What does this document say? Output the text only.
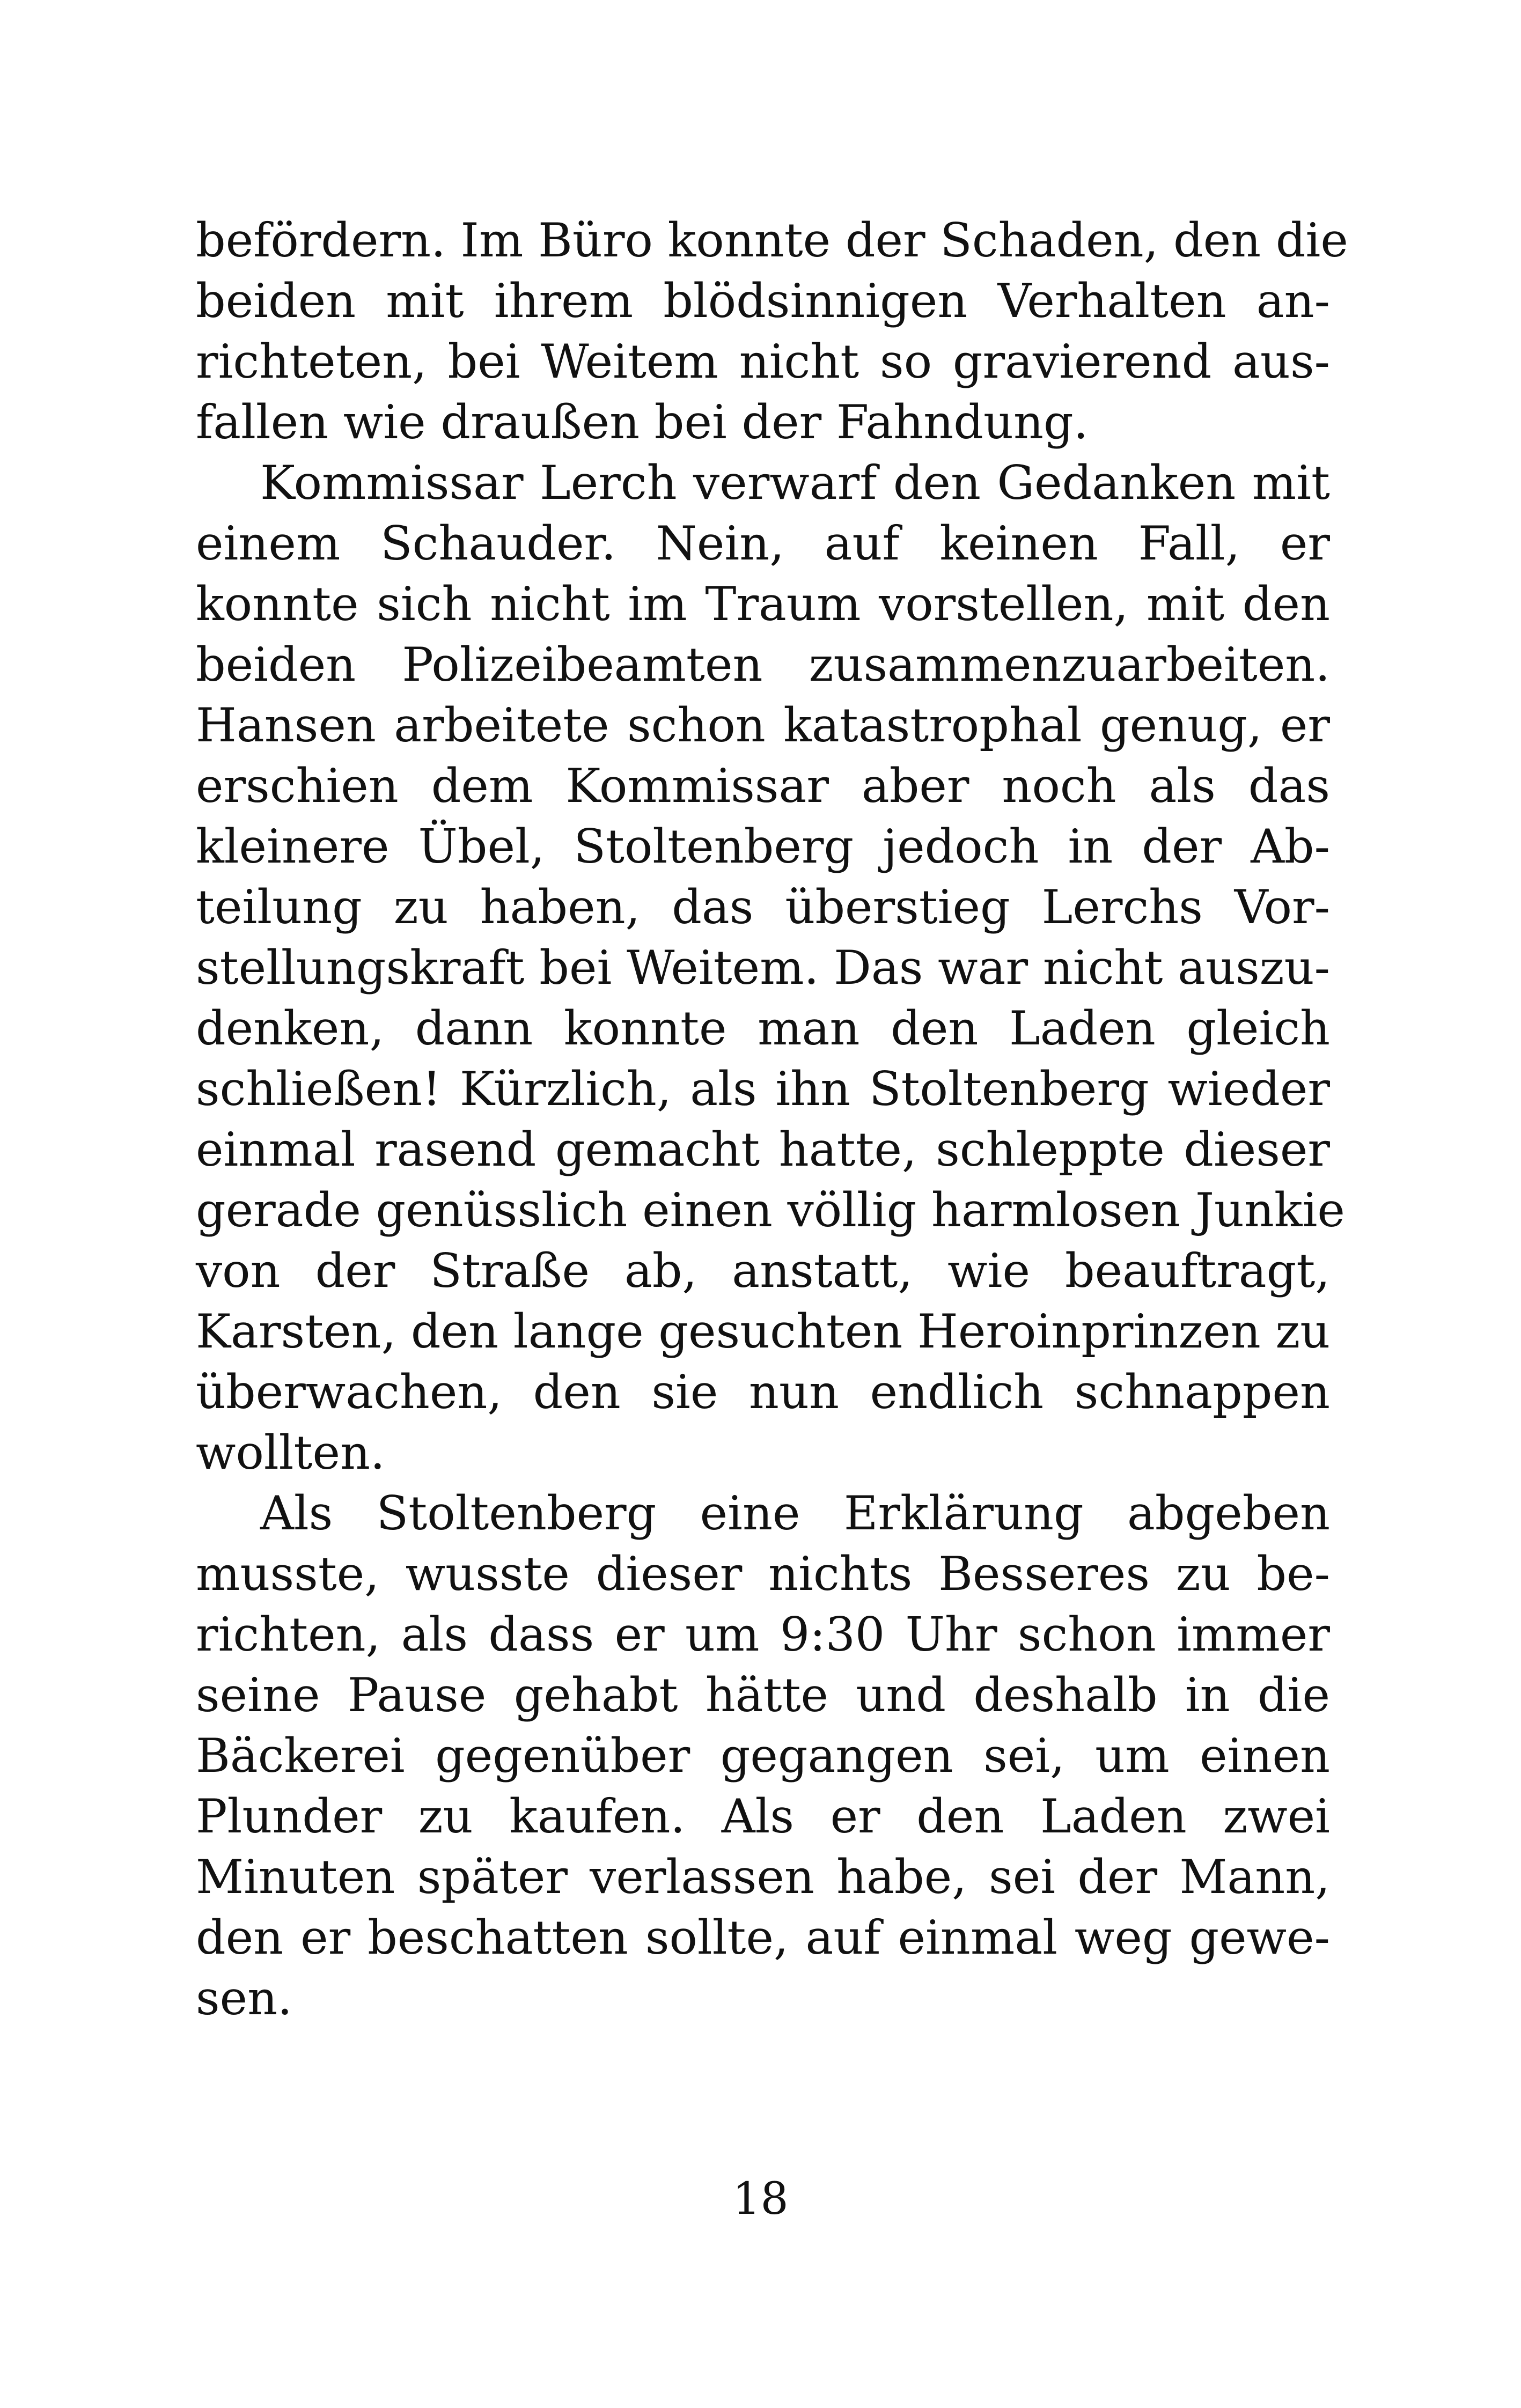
befördern. Im Büro konnte der Schaden, den die
beiden mit ihrem blödsinnigen Verhalten an-
richteten, bei Weitem nicht so gravierend aus-
fallen wie draußen bei der Fahndung.
Kommissar Lerch verwarf den Gedanken mit
einem Schauder. Nein, auf keinen Fall, er
konnte sich nicht im Traum vorstellen, mit den
beiden Polizeibeamten zusammenzuarbeiten.
Hansen arbeitete schon katastrophal genug, er
erschien dem Kommissar aber noch als das
kleinere Übel, Stoltenberg jedoch in der Ab-
teilung zu haben, das überstieg Lerchs Vor-
stellungskraft bei Weitem. Das war nicht auszu-
denken, dann konnte man den Laden gleich
schließen! Kürzlich, als ihn Stoltenberg wieder
einmal rasend gemacht hatte, schleppte dieser
gerade genüsslich einen völlig harmlosen Junkie
von der Straße ab, anstatt, wie beauftragt,
Karsten, den lange gesuchten Heroinprinzen zu
überwachen, den sie nun endlich schnappen
wollten.
Als Stoltenberg eine Erklärung abgeben
musste, wusste dieser nichts Besseres zu be-
richten, als dass er um 9:30 Uhr schon immer
seine Pause gehabt hätte und deshalb in die
Bäckerei gegenüber gegangen sei, um einen
Plunder zu kaufen. Als er den Laden zwei
Minuten später verlassen habe, sei der Mann,
den er beschatten sollte, auf einmal weg gewe-
sen.
18
